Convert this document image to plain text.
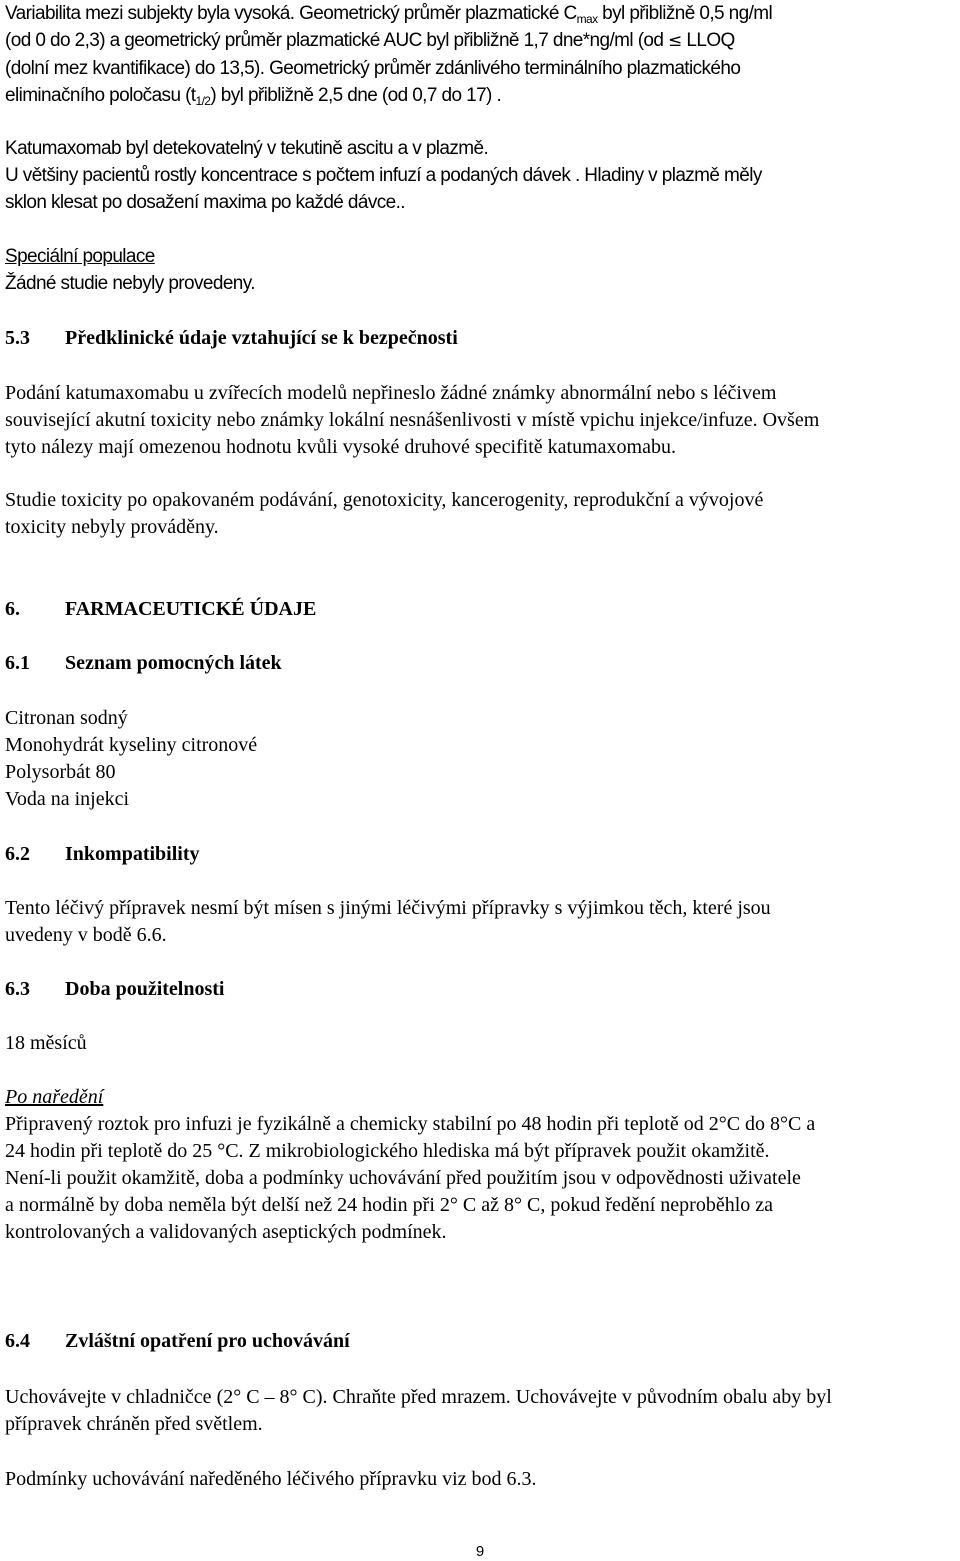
Variabilita mezi subjekty byla vysoká. Geometrický průměr plazmatické $C_{max}$ byl přibližně 0,5 ng/ml

(od 0 do 2,3) a geometrický průměr plazmatické AUC byl přibližně 1,7 dne*ng/ml (od ≤ LLOQ

(dolní mez kvantifikace) do 13,5). Geometrický průměr zdánlivého terminálního plazmatického

eliminačního poločasu $(t_{1/2})$ byl přibližně 2,5 dne (od 0,7 do 17) .

Katumaxomab byl detekovatelný v tekutině ascitu a v plazmě.

U většiny pacientů rostly koncentrace s počtem infuzí a podaných dávek . Hladiny v plazmě měly

sklon klesat po dosažení maxima po každé dávce..

Speciální populace

Žádné studie nebyly provedeny.

5.3 Předklinické údaje vztahující se k bezpečnosti

Podání katumaxomabu u zvířecích modelů nepřineslo žádné známky abnormální nebo s léčivem

související akutní toxicity nebo známky lokální nesnášenlivosti v místě vpichu injekce/infuze. Ovšem

tyto nálezy mají omezenou hodnotu kvůli vysoké druhové specifitě katumaxomabu.

Studie toxicity po opakovaném podávání, genotoxicity, kancerogenity, reprodukční a vývojové

toxicity nebyly prováděny.

6. FARMACEUTICKÉ ÚDAJE

6.1 Seznam pomocných látek

Citronan sodný

Monohydrát kyseliny citronové

Polysorbát 80

Voda na injekci

6.2 Inkompatibility

Tento léčivý přípravek nesmí být mísen s jinými léčivými přípravky s výjimkou těch, které jsou

uvedeny v bodě 6.6.

6.3 Doba použitelnosti

18 měsíců

Po naředění

Připravený roztok pro infuzi je fyzikálně a chemicky stabilní po 48 hodin při teplotě od 2°C do 8°C a

24 hodin při teplotě do 25 °C. Z mikrobiologického hlediska má být přípravek použit okamžitě.

Není-li použit okamžitě, doba a podmínky uchovávání před použitím jsou v odpovědnosti uživatele

a normálně by doba neměla být delší než 24 hodin při 2° C až 8° C, pokud ředění neproběhlo za

kontrolovaných a validovaných aseptických podmínek.

6.4 Zvláštní opatření pro uchovávání

Uchovávejte v chladničce (2° C – 8° C). Chraňte před mrazem. Uchovávejte v původním obalu aby byl

přípravek chráněn před světlem.

Podmínky uchovávání naředěného léčivého přípravku viz bod 6.3.

9
